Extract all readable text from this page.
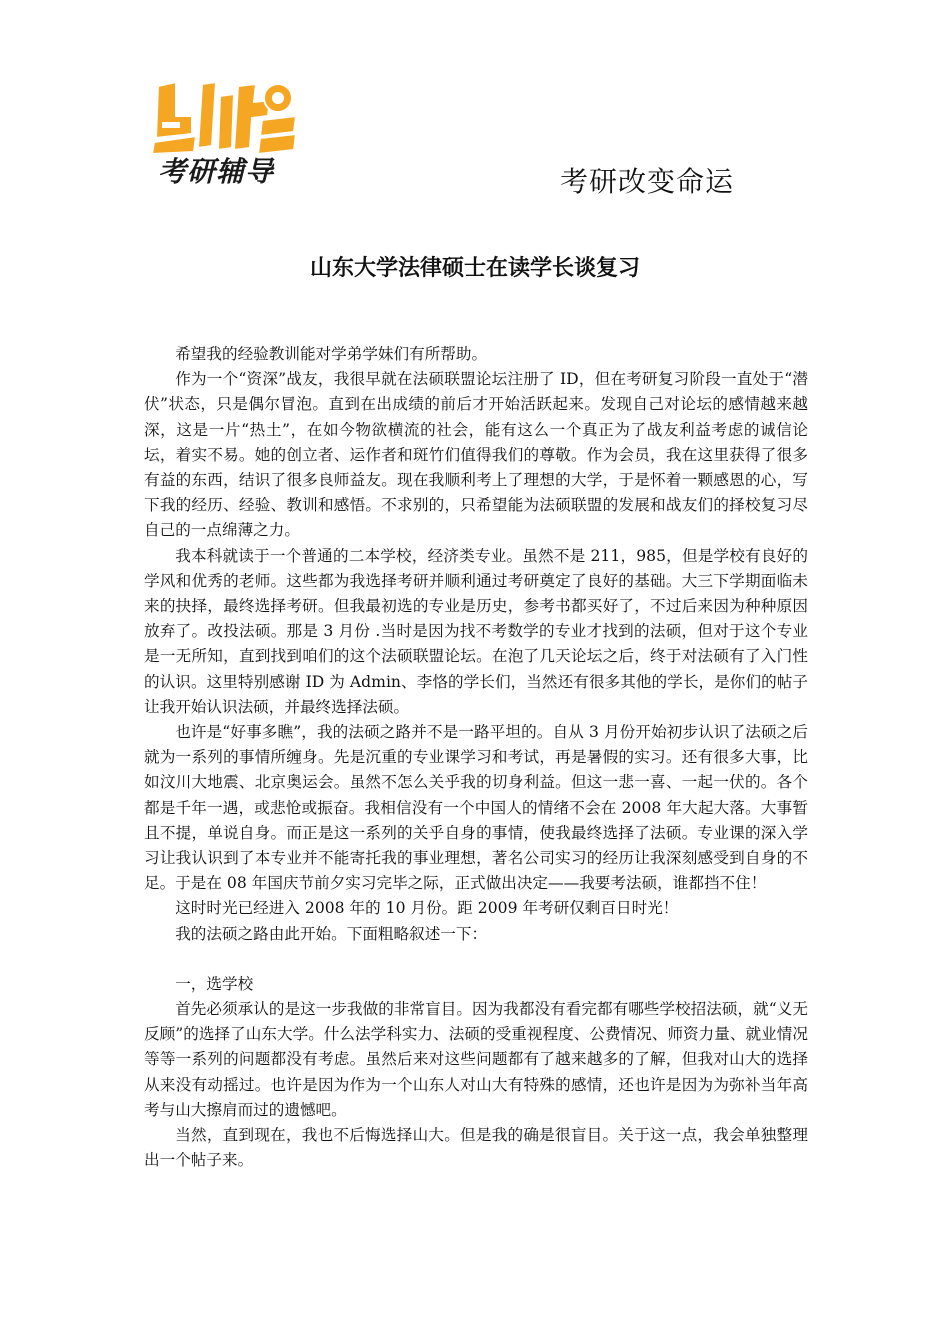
考研辅导	考研改变命运
山东大学法律硕士在读学长谈复习

希望我的经验教训能对学弟学妹们有所帮助。

作为一个“资深”战友，我很早就在法硕联盟论坛注册了 ID，但在考研复习阶段一直处于“潜伏”状态，只是偶尔冒泡。直到在出成绩的前后才开始活跃起来。发现自己对论坛的感情越来越深，这是一片“热土”，在如今物欲横流的社会，能有这么一个真正为了战友利益考虑的诚信论坛，着实不易。她的创立者、运作者和斑竹们值得我们的尊敬。作为会员，我在这里获得了很多有益的东西，结识了很多良师益友。现在我顺利考上了理想的大学，于是怀着一颗感恩的心，写下我的经历、经验、教训和感悟。不求别的，只希望能为法硕联盟的发展和战友们的择校复习尽自己的一点绵薄之力。

我本科就读于一个普通的二本学校，经济类专业。虽然不是 211，985，但是学校有良好的学风和优秀的老师。这些都为我选择考研并顺利通过考研奠定了良好的基础。大三下学期面临未来的抉择，最终选择考研。但我最初选的专业是历史，参考书都买好了，不过后来因为种种原因放弃了。改投法硕。那是 3 月份 .当时是因为找不考数学的专业才找到的法硕，但对于这个专业是一无所知，直到找到咱们的这个法硕联盟论坛。在泡了几天论坛之后，终于对法硕有了入门性的认识。这里特别感谢 ID 为 Admin、李恪的学长们，当然还有很多其他的学长，是你们的帖子让我开始认识法硕，并最终选择法硕。

也许是“好事多瞧”，我的法硕之路并不是一路平坦的。自从 3 月份开始初步认识了法硕之后就为一系列的事情所缠身。先是沉重的专业课学习和考试，再是暑假的实习。还有很多大事，比如汶川大地震、北京奥运会。虽然不怎么关乎我的切身利益。但这一悲一喜、一起一伏的。各个都是千年一遇，或悲怆或振奋。我相信没有一个中国人的情绪不会在 2008 年大起大落。大事暂且不提，单说自身。而正是这一系列的关乎自身的事情，使我最终选择了法硕。专业课的深入学习让我认识到了本专业并不能寄托我的事业理想，著名公司实习的经历让我深刻感受到自身的不足。于是在 08 年国庆节前夕实习完毕之际，正式做出决定——我要考法硕，谁都挡不住！

这时时光已经进入 2008 年的 10 月份。距 2009 年考研仅剩百日时光！

我的法硕之路由此开始。下面粗略叙述一下：

一，选学校

首先必须承认的是这一步我做的非常盲目。因为我都没有看完都有哪些学校招法硕，就“义无反顾”的选择了山东大学。什么法学科实力、法硕的受重视程度、公费情况、师资力量、就业情况等等一系列的问题都没有考虑。虽然后来对这些问题都有了越来越多的了解，但我对山大的选择从来没有动摇过。也许是因为作为一个山东人对山大有特殊的感情，还也许是因为为弥补当年高考与山大擦肩而过的遗憾吧。

当然，直到现在，我也不后悔选择山大。但是我的确是很盲目。关于这一点，我会单独整理出一个帖子来。
